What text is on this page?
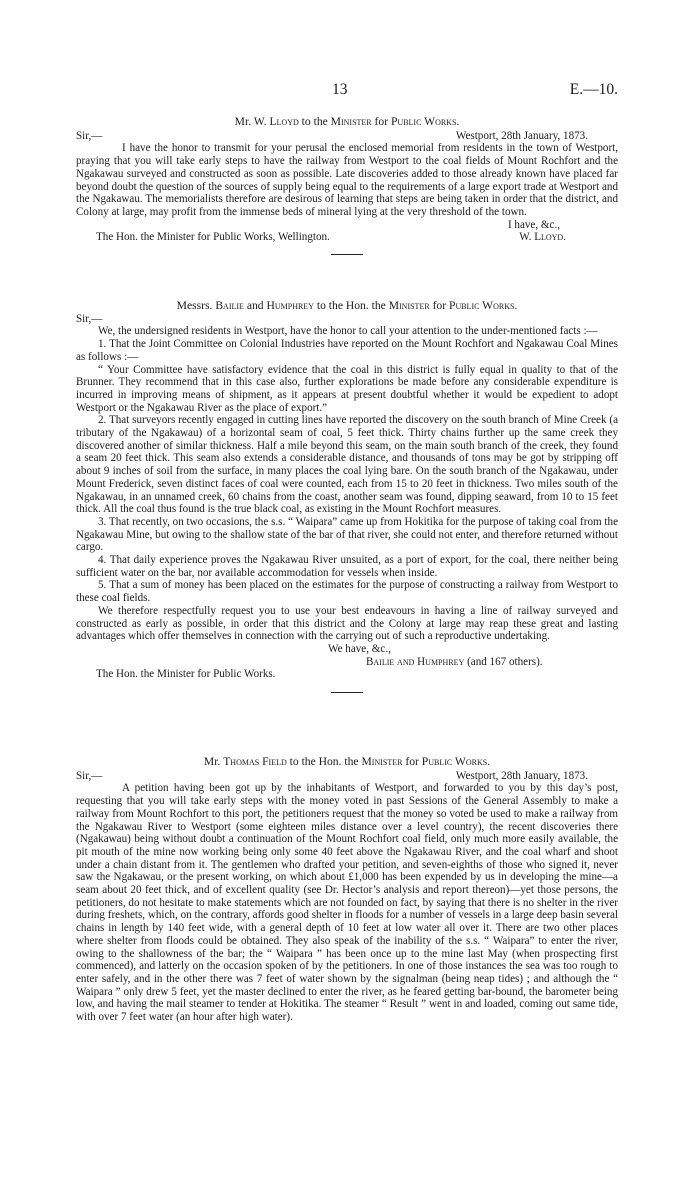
13	E.—10.
Mr. W. Lloyd to the Minister for Public Works.
Sir,—	Westport, 28th January, 1873.

I have the honor to transmit for your perusal the enclosed memorial from residents in the town of Westport, praying that you will take early steps to have the railway from Westport to the coal fields of Mount Rochfort and the Ngakawau surveyed and constructed as soon as possible. Late discoveries added to those already known have placed far beyond doubt the question of the sources of supply being equal to the requirements of a large export trade at Westport and the Ngakawau. The memorialists therefore are desirous of learning that steps are being taken in order that the district, and Colony at large, may profit from the immense beds of mineral lying at the very threshold of the town.

I have, &c.,
The Hon. the Minister for Public Works, Wellington.	W. Lloyd.
Messrs. Bailie and Humphrey to the Hon. the Minister for Public Works.
Sir,—

We, the undersigned residents in Westport, have the honor to call your attention to the under-mentioned facts :—

1. That the Joint Committee on Colonial Industries have reported on the Mount Rochfort and Ngakawau Coal Mines as follows :—

“ Your Committee have satisfactory evidence that the coal in this district is fully equal in quality to that of the Brunner. They recommend that in this case also, further explorations be made before any considerable expenditure is incurred in improving means of shipment, as it appears at present doubtful whether it would be expedient to adopt Westport or the Ngakawau River as the place of export.”

2. That surveyors recently engaged in cutting lines have reported the discovery on the south branch of Mine Creek (a tributary of the Ngakawau) of a horizontal seam of coal, 5 feet thick. Thirty chains further up the same creek they discovered another of similar thickness. Half a mile beyond this seam, on the main south branch of the creek, they found a seam 20 feet thick. This seam also extends a considerable distance, and thousands of tons may be got by stripping off about 9 inches of soil from the surface, in many places the coal lying bare. On the south branch of the Ngakawau, under Mount Frederick, seven distinct faces of coal were counted, each from 15 to 20 feet in thickness. Two miles south of the Ngakawau, in an unnamed creek, 60 chains from the coast, another seam was found, dipping seaward, from 10 to 15 feet thick. All the coal thus found is the true black coal, as existing in the Mount Rochfort measures.

3. That recently, on two occasions, the s.s. “ Waipara” came up from Hokitika for the purpose of taking coal from the Ngakawau Mine, but owing to the shallow state of the bar of that river, she could not enter, and therefore returned without cargo.

4. That daily experience proves the Ngakawau River unsuited, as a port of export, for the coal, there neither being sufficient water on the bar, nor available accommodation for vessels when inside.

5. That a sum of money has been placed on the estimates for the purpose of constructing a railway from Westport to these coal fields.

We therefore respectfully request you to use your best endeavours in having a line of railway surveyed and constructed as early as possible, in order that this district and the Colony at large may reap these great and lasting advantages which offer themselves in connection with the carrying out of such a reproductive undertaking.

We have, &c.,
Bailie and Humphrey (and 167 others).
The Hon. the Minister for Public Works.
Mr. Thomas Field to the Hon. the Minister for Public Works.
Sir,—	Westport, 28th January, 1873.

A petition having been got up by the inhabitants of Westport, and forwarded to you by this day’s post, requesting that you will take early steps with the money voted in past Sessions of the General Assembly to make a railway from Mount Rochfort to this port, the petitioners request that the money so voted be used to make a railway from the Ngakawau River to Westport (some eighteen miles distance over a level country), the recent discoveries there (Ngakawau) being without doubt a continuation of the Mount Rochfort coal field, only much more easily available, the pit mouth of the mine now working being only some 40 feet above the Ngakawau River, and the coal wharf and shoot under a chain distant from it. The gentlemen who drafted your petition, and seven-eighths of those who signed it, never saw the Ngakawau, or the present working, on which about £1,000 has been expended by us in developing the mine—a seam about 20 feet thick, and of excellent quality (see Dr. Hector’s analysis and report thereon)—yet those persons, the petitioners, do not hesitate to make statements which are not founded on fact, by saying that there is no shelter in the river during freshets, which, on the contrary, affords good shelter in floods for a number of vessels in a large deep basin several chains in length by 140 feet wide, with a general depth of 10 feet at low water all over it. There are two other places where shelter from floods could be obtained. They also speak of the inability of the s.s. “ Waipara” to enter the river, owing to the shallowness of the bar; the “ Waipara ” has been once up to the mine last May (when prospecting first commenced), and latterly on the occasion spoken of by the petitioners. In one of those instances the sea was too rough to enter safely, and in the other there was 7 feet of water shown by the signalman (being neap tides) ; and although the “ Waipara ” only drew 5 feet, yet the master declined to enter the river, as he feared getting bar-bound, the barometer being low, and having the mail steamer to tender at Hokitika. The steamer “ Result ” went in and loaded, coming out same tide, with over 7 feet water (an hour after high water).
